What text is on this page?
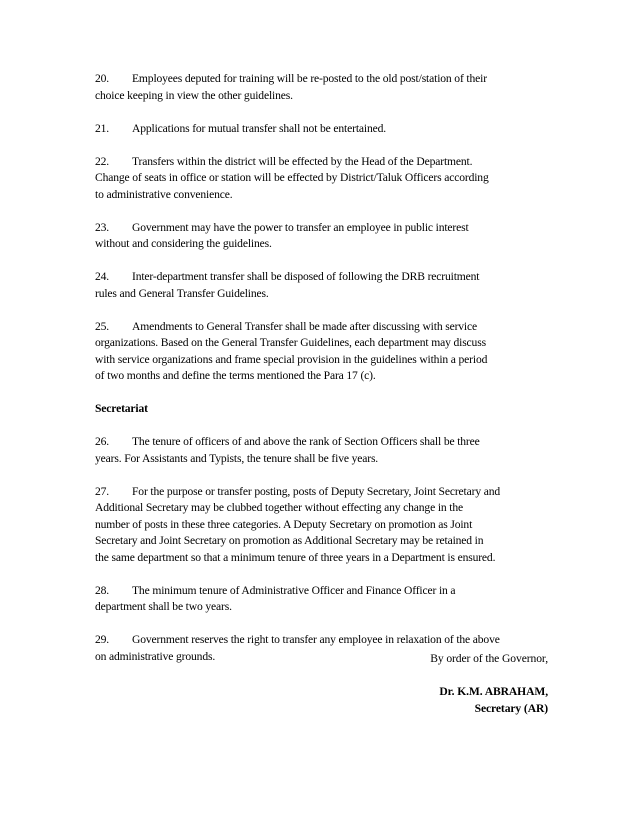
20. Employees deputed for training will be re-posted to the old post/station of their
choice keeping in view the other guidelines.
21. Applications for mutual transfer shall not be entertained.
22. Transfers within the district will be effected by the Head of the Department.
Change of seats in office or station will be effected by District/Taluk Officers according
to administrative convenience.
23. Government may have the power to transfer an employee in public interest
without and considering the guidelines.
24. Inter-department transfer shall be disposed of following the DRB recruitment
rules and General Transfer Guidelines.
25. Amendments to General Transfer shall be made after discussing with service
organizations. Based on the General Transfer Guidelines, each department may discuss
with service organizations and frame special provision in the guidelines within a period
of two months and define the terms mentioned the Para 17 (c).
Secretariat
26. The tenure of officers of and above the rank of Section Officers shall be three
years. For Assistants and Typists, the tenure shall be five years.
27. For the purpose or transfer posting, posts of Deputy Secretary, Joint Secretary and
Additional Secretary may be clubbed together without effecting any change in the
number of posts in these three categories. A Deputy Secretary on promotion as Joint
Secretary and Joint Secretary on promotion as Additional Secretary may be retained in
the same department so that a minimum tenure of three years in a Department is ensured.
28. The minimum tenure of Administrative Officer and Finance Officer in a
department shall be two years.
29. Government reserves the right to transfer any employee in relaxation of the above
on administrative grounds.	By order of the Governor,
Dr. K.M. ABRAHAM,
Secretary (AR)
